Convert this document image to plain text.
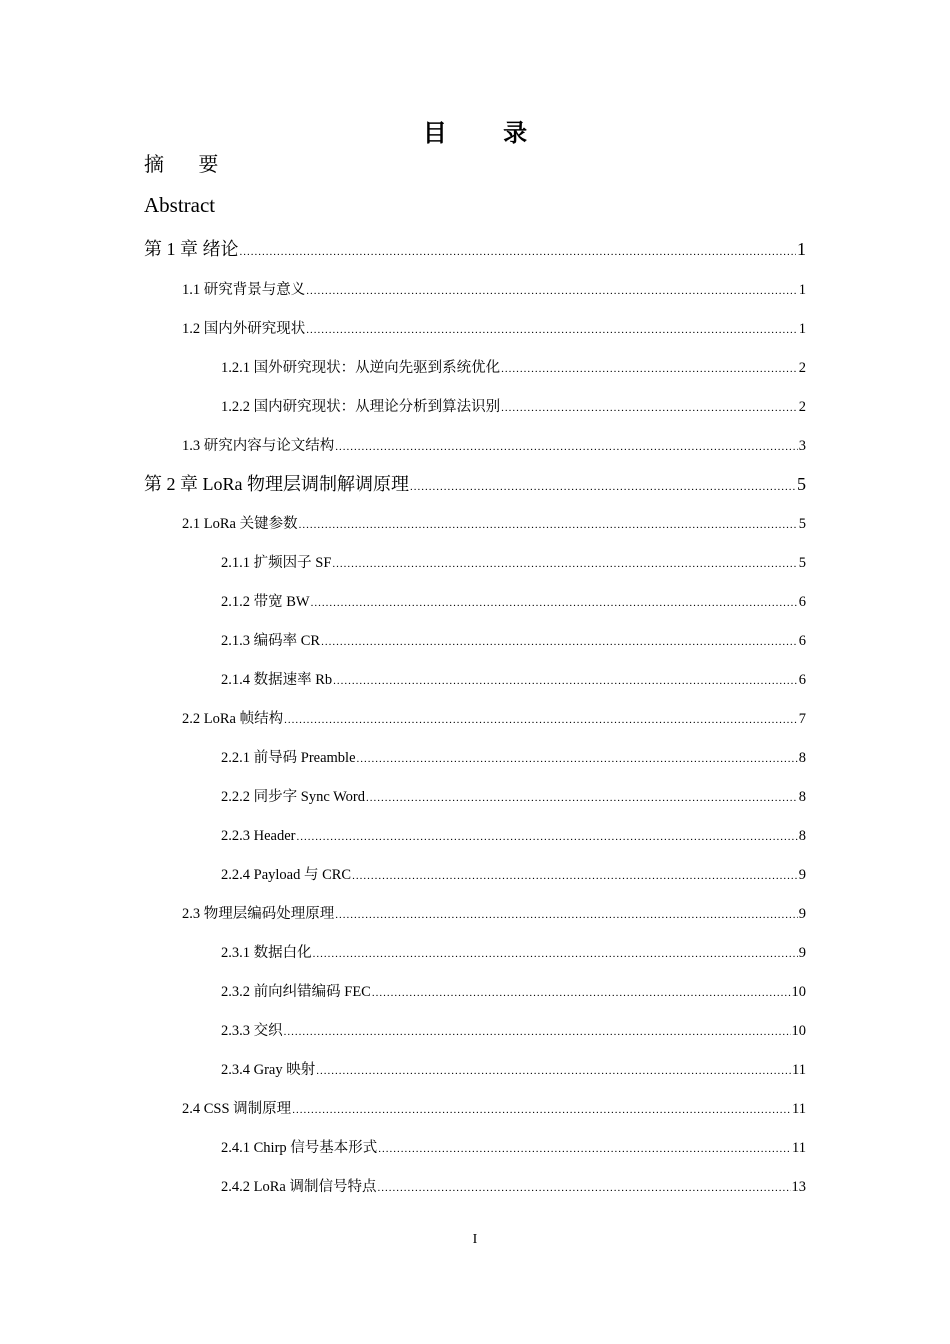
目 录
摘 要
Abstract
第 1 章 绪论 .....	1
1.1 研究背景与意义 .....	1
1.2 国内外研究现状 .....	1
1.2.1 国外研究现状：从逆向先驱到系统优化 .....	2
1.2.2 国内研究现状：从理论分析到算法识别 .....	2
1.3 研究内容与论文结构 .....	3
第 2 章 LoRa 物理层调制解调原理 .....	5
2.1 LoRa 关键参数 .....	5
2.1.1 扩频因子 SF .....	5
2.1.2 带宽 BW .....	6
2.1.3 编码率 CR .....	6
2.1.4 数据速率 Rb .....	6
2.2 LoRa 帧结构 .....	7
2.2.1 前导码 Preamble .....	8
2.2.2 同步字 Sync Word .....	8
2.2.3 Header .....	8
2.2.4 Payload 与 CRC .....	9
2.3 物理层编码处理原理 .....	9
2.3.1 数据白化 .....	9
2.3.2 前向纠错编码 FEC .....	10
2.3.3 交织 .....	10
2.3.4 Gray 映射 .....	11
2.4 CSS 调制原理 .....	11
2.4.1 Chirp 信号基本形式 .....	11
2.4.2 LoRa 调制信号特点 .....	13
I
